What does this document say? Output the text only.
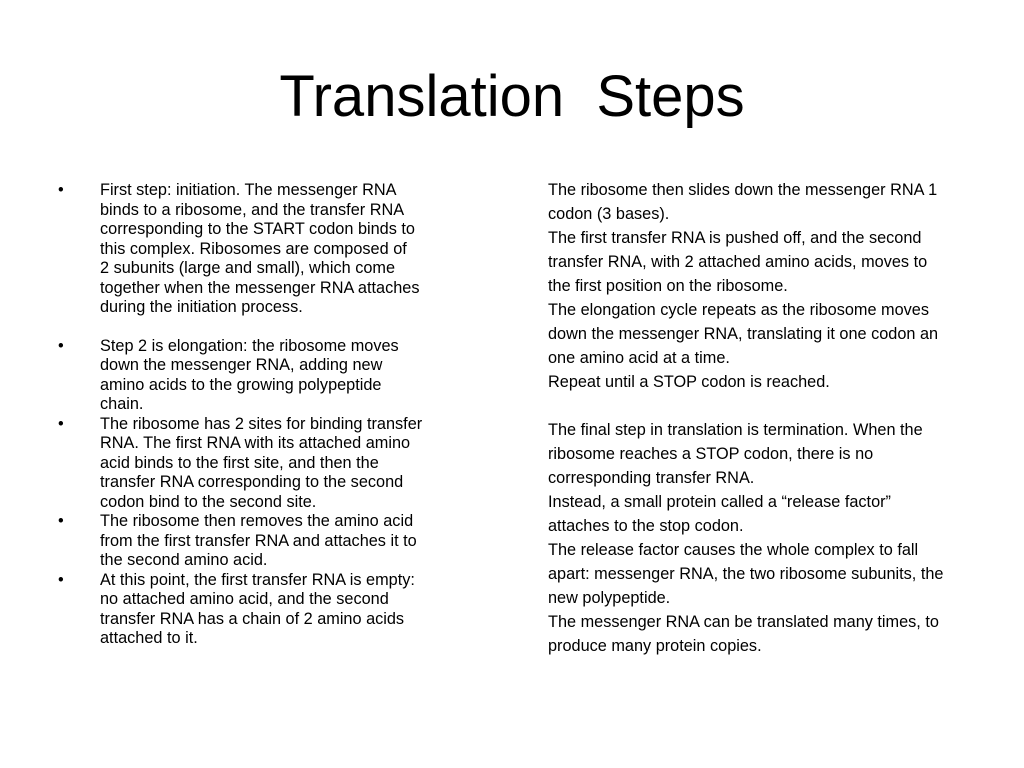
Translation  Steps
• First step: initiation. The messenger RNA
binds to a ribosome, and the transfer RNA
corresponding to the START codon binds to
this complex. Ribosomes are composed of
2 subunits (large and small), which come
together when the messenger RNA attaches
during the initiation process.
• Step 2 is elongation: the ribosome moves
down the messenger RNA, adding new
amino acids to the growing polypeptide
chain.
• The ribosome has 2 sites for binding transfer
RNA. The first RNA with its attached amino
acid binds to the first site, and then the
transfer RNA corresponding to the second
codon bind to the second site.
• The ribosome then removes the amino acid
from the first transfer RNA and attaches it to
the second amino acid.
• At this point, the first transfer RNA is empty:
no attached amino acid, and the second
transfer RNA has a chain of 2 amino acids
attached to it.

The ribosome then slides down the messenger RNA 1

codon (3 bases).

The first transfer RNA is pushed off, and the second

transfer RNA, with 2 attached amino acids, moves to

the first position on the ribosome.

The elongation cycle repeats as the ribosome moves

down the messenger RNA, translating it one codon an

one amino acid at a time.

Repeat until a STOP codon is reached.

The final step in translation is termination. When the

ribosome reaches a STOP codon, there is no

corresponding transfer RNA.

Instead, a small protein called a “release factor”

attaches to the stop codon.

The release factor causes the whole complex to fall

apart: messenger RNA, the two ribosome subunits, the

new polypeptide.

The messenger RNA can be translated many times, to

produce many protein copies.
